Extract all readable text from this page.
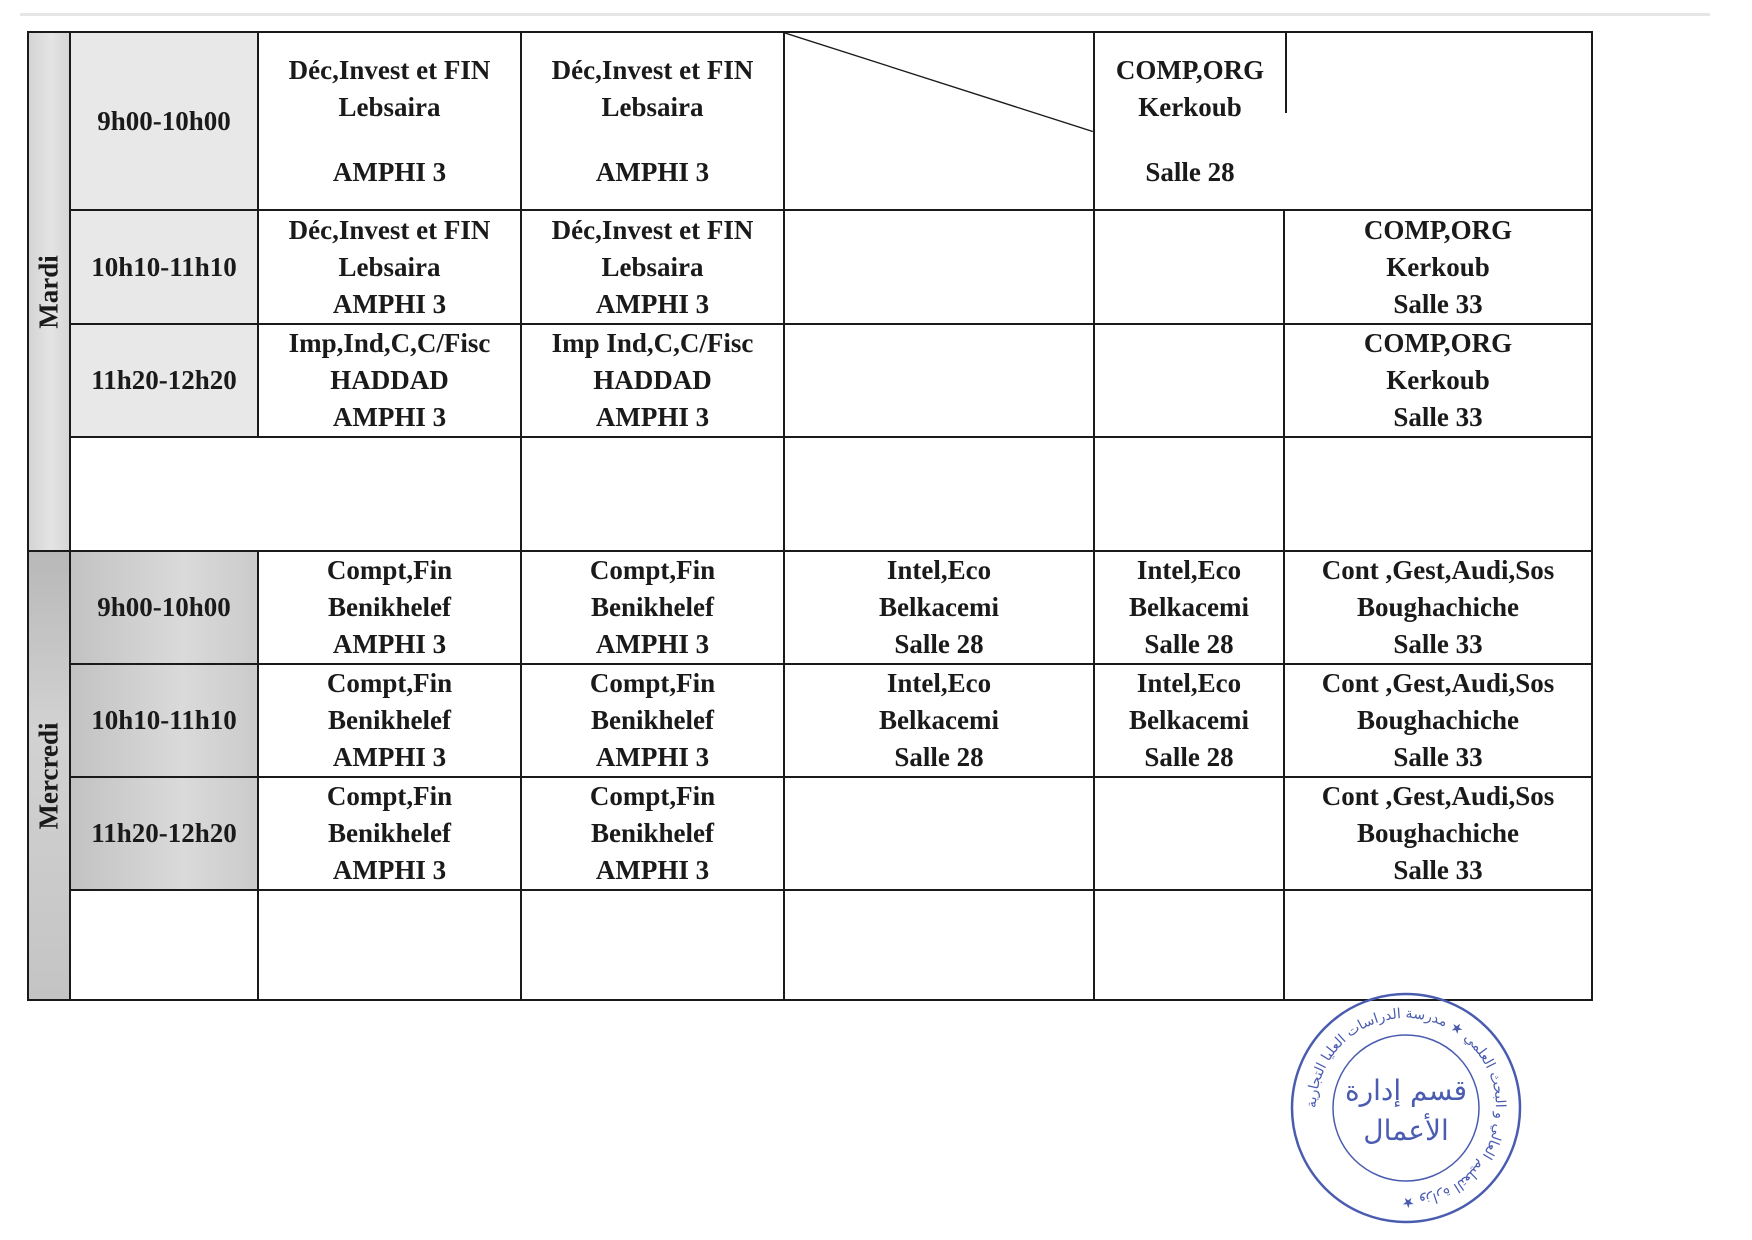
Mardi	9h00-10h00	Déc,Invest et FIN
Lebsaira
AMPHI 3	Déc,Invest et FIN
Lebsaira
AMPHI 3		COMP,ORG
Kerkoub
Salle 28	

	10h10-11h10	Déc,Invest et FIN
Lebsaira
AMPHI 3	Déc,Invest et FIN
Lebsaira
AMPHI 3			COMP,ORG
Kerkoub
Salle 33

	11h20-12h20	Imp,Ind,C,C/Fisc
HADDAD
AMPHI 3	Imp Ind,C,C/Fisc
HADDAD
AMPHI 3			COMP,ORG
Kerkoub
Salle 33

Mercredi	9h00-10h00	Compt,Fin
Benikhelef
AMPHI 3	Compt,Fin
Benikhelef
AMPHI 3	Intel,Eco
Belkacemi
Salle 28	Intel,Eco
Belkacemi
Salle 28	Cont ,Gest,Audi,Sos
Boughachiche
Salle 33

	10h10-11h10	Compt,Fin
Benikhelef
AMPHI 3	Compt,Fin
Benikhelef
AMPHI 3	Intel,Eco
Belkacemi
Salle 28	Intel,Eco
Belkacemi
Salle 28	Cont ,Gest,Audi,Sos
Boughachiche
Salle 33

	11h20-12h20	Compt,Fin
Benikhelef
AMPHI 3	Compt,Fin
Benikhelef
AMPHI 3			Cont ,Gest,Audi,Sos
Boughachiche
Salle 33

وزارة التعليم العالي و البحث العلمي ★ مدرسة الدراسات العليا التجارية ★
قسم إدارة
الأعمال
